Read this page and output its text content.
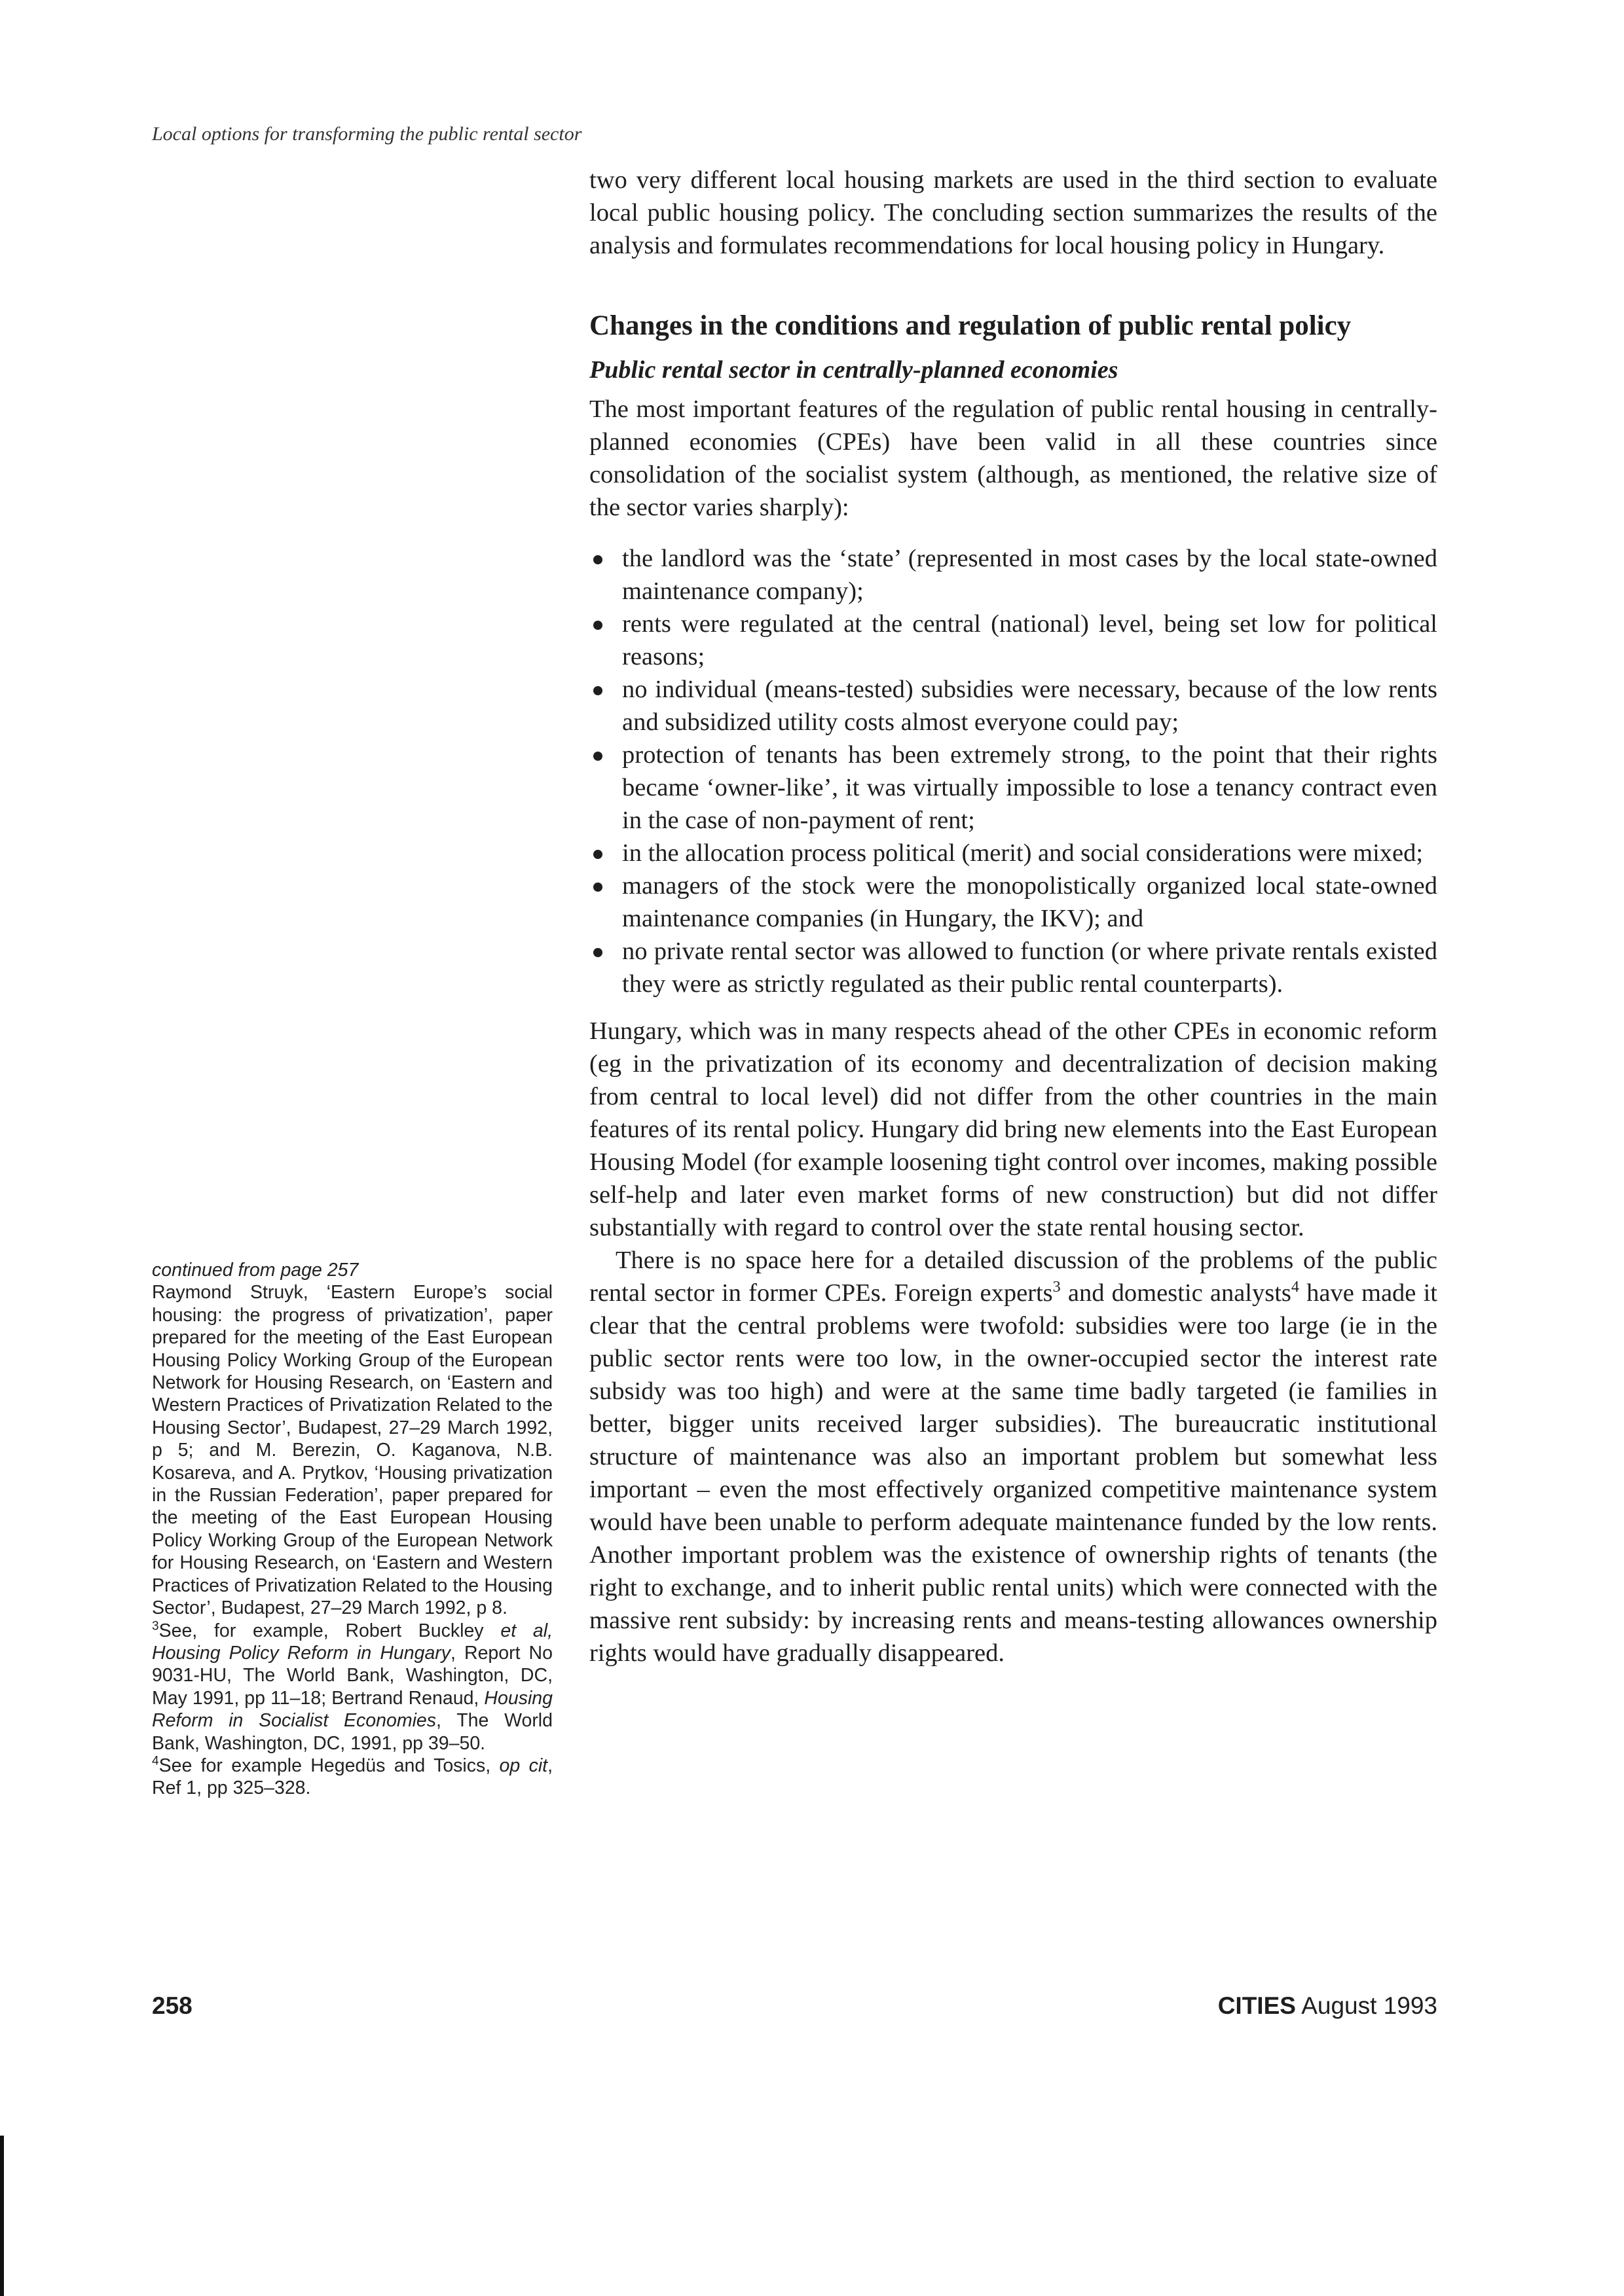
Local options for transforming the public rental sector

two very different local housing markets are used in the third section to evaluate local public housing policy. The concluding section summarizes the results of the analysis and formulates recommendations for local housing policy in Hungary.

Changes in the conditions and regulation of public rental policy
Public rental sector in centrally-planned economies

The most important features of the regulation of public rental housing in centrally-planned economies (CPEs) have been valid in all these countries since consolidation of the socialist system (although, as mentioned, the relative size of the sector varies sharply):

the landlord was the ‘state’ (represented in most cases by the local state-owned maintenance company);
rents were regulated at the central (national) level, being set low for political reasons;
no individual (means-tested) subsidies were necessary, because of the low rents and subsidized utility costs almost everyone could pay;
protection of tenants has been extremely strong, to the point that their rights became ‘owner-like’, it was virtually impossible to lose a tenancy contract even in the case of non-payment of rent;
in the allocation process political (merit) and social considerations were mixed;
managers of the stock were the monopolistically organized local state-owned maintenance companies (in Hungary, the IKV); and
no private rental sector was allowed to function (or where private rentals existed they were as strictly regulated as their public rental counterparts).

Hungary, which was in many respects ahead of the other CPEs in economic reform (eg in the privatization of its economy and decentralization of decision making from central to local level) did not differ from the other countries in the main features of its rental policy. Hungary did bring new elements into the East European Housing Model (for example loosening tight control over incomes, making possible self-help and later even market forms of new construction) but did not differ substantially with regard to control over the state rental housing sector.

There is no space here for a detailed discussion of the problems of the public rental sector in former CPEs. Foreign experts$^3$ and domestic analysts$^4$ have made it clear that the central problems were twofold: subsidies were too large (ie in the public sector rents were too low, in the owner-occupied sector the interest rate subsidy was too high) and were at the same time badly targeted (ie families in better, bigger units received larger subsidies). The bureaucratic institutional structure of maintenance was also an important problem but somewhat less important – even the most effectively organized competitive maintenance system would have been unable to perform adequate maintenance funded by the low rents. Another important problem was the existence of ownership rights of tenants (the right to exchange, and to inherit public rental units) which were connected with the massive rent subsidy: by increasing rents and means-testing allowances ownership rights would have gradually disappeared.

continued from page 257

Raymond Struyk, ‘Eastern Europe’s social housing: the progress of privatization’, paper prepared for the meeting of the East European Housing Policy Working Group of the European Network for Housing Research, on ‘Eastern and Western Practices of Privatization Related to the Housing Sector’, Budapest, 27–29 March 1992, p 5; and M. Berezin, O. Kaganova, N.B. Kosareva, and A. Prytkov, ‘Housing privatization in the Russian Federation’, paper prepared for the meeting of the East European Housing Policy Working Group of the European Network for Housing Research, on ‘Eastern and Western Practices of Privatization Related to the Housing Sector’, Budapest, 27–29 March 1992, p 8.

$^3$See, for example, Robert Buckley et al, Housing Policy Reform in Hungary, Report No 9031-HU, The World Bank, Washington, DC, May 1991, pp 11–18; Bertrand Renaud, Housing Reform in Socialist Economies, The World Bank, Washington, DC, 1991, pp 39–50.

$^4$See for example Hegedüs and Tosics, op cit, Ref 1, pp 325–328.

258	CITIES August 1993
